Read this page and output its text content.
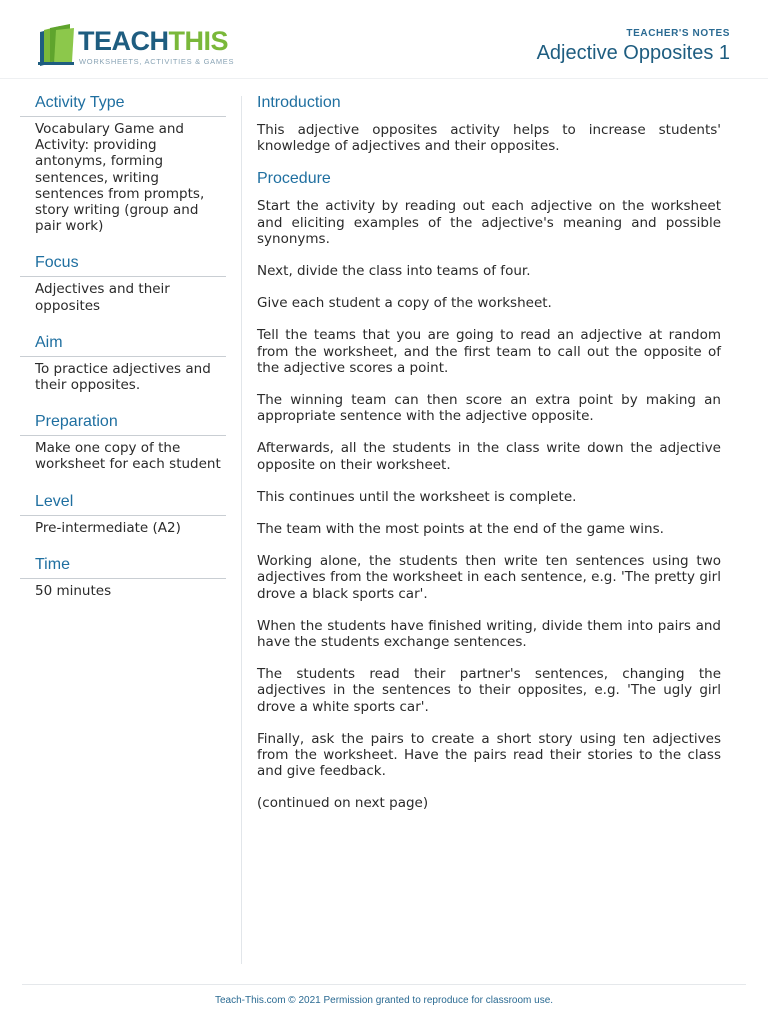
TEACHTHIS
WORKSHEETS, ACTIVITIES & GAMES
TEACHER'S NOTES
Adjective Opposites 1
Activity Type
Vocabulary Game and Activity: providing antonyms, forming sentences, writing sentences from prompts, story writing (group and pair work)
Focus
Adjectives and their opposites
Aim
To practice adjectives and their opposites.
Preparation
Make one copy of the worksheet for each student
Level
Pre-intermediate (A2)
Time
50 minutes
Introduction
This adjective opposites activity helps to increase students' knowledge of adjectives and their opposites.
Procedure
Start the activity by reading out each adjective on the worksheet and eliciting examples of the adjective's meaning and possible synonyms.
Next, divide the class into teams of four.
Give each student a copy of the worksheet.
Tell the teams that you are going to read an adjective at random from the worksheet, and the first team to call out the opposite of the adjective scores a point.
The winning team can then score an extra point by making an appropriate sentence with the adjective opposite.
Afterwards, all the students in the class write down the adjective opposite on their worksheet.
This continues until the worksheet is complete.
The team with the most points at the end of the game wins.
Working alone, the students then write ten sentences using two adjectives from the worksheet in each sentence, e.g. 'The pretty girl drove a black sports car'.
When the students have finished writing, divide them into pairs and have the students exchange sentences.
The students read their partner's sentences, changing the adjectives in the sentences to their opposites, e.g. 'The ugly girl drove a white sports car'.
Finally, ask the pairs to create a short story using ten adjectives from the worksheet. Have the pairs read their stories to the class and give feedback.
(continued on next page)
Teach-This.com © 2021 Permission granted to reproduce for classroom use.
